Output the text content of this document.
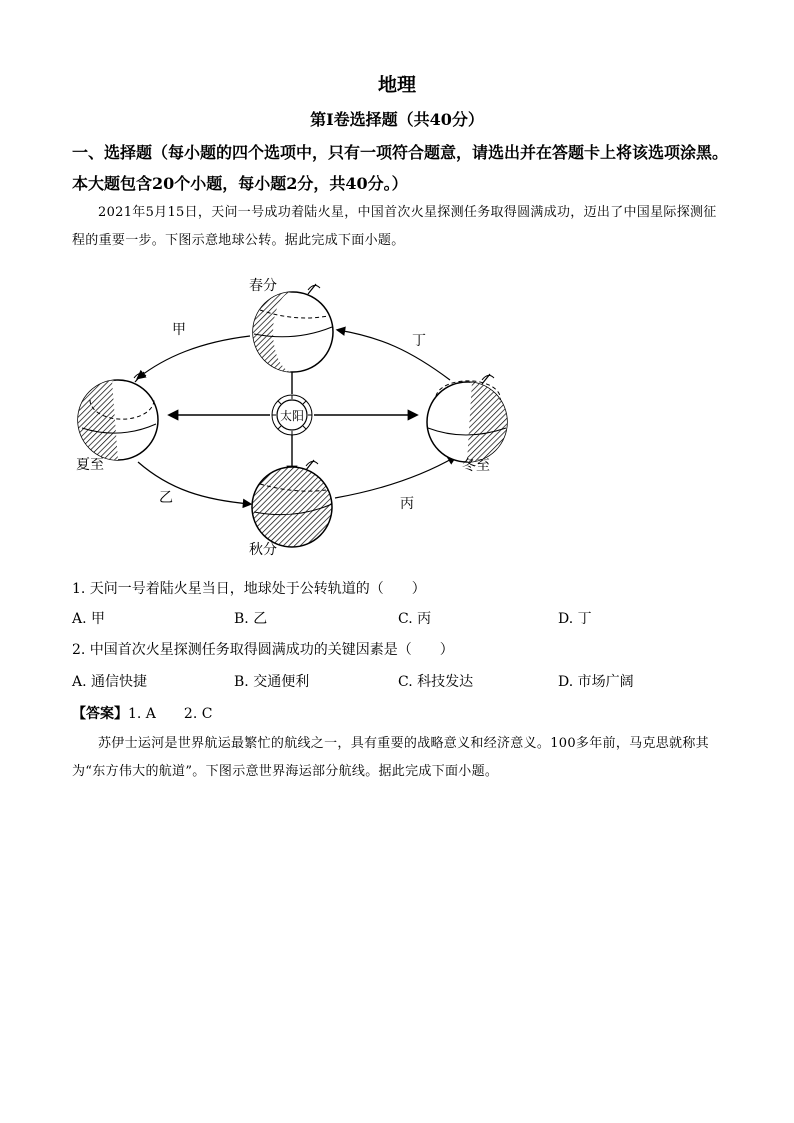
地理
第Ⅰ卷选择题（共40分）
一、选择题（每小题的四个选项中，只有一项符合题意，请选出并在答题卡上将该选项涂黑。
本大题包含20个小题，每小题2分，共40分。）
2021年5月15日，天问一号成功着陆火星，中国首次火星探测任务取得圆满成功，迈出了中国星际探测征程的重要一步。下图示意地球公转。据此完成下面小题。
太阳
春分
夏至
秋分
冬至
甲
乙	丙
丁
1. 天问一号着陆火星当日，地球处于公转轨道的（　　）
A. 甲	B. 乙	C. 丙	D. 丁
2. 中国首次火星探测任务取得圆满成功的关键因素是（　　）
A. 通信快捷	B. 交通便利	C. 科技发达	D. 市场广阔
【答案】1. A　　2. C
苏伊士运河是世界航运最繁忙的航线之一，具有重要的战略意义和经济意义。100多年前，马克思就称其为“东方伟大的航道”。下图示意世界海运部分航线。据此完成下面小题。
